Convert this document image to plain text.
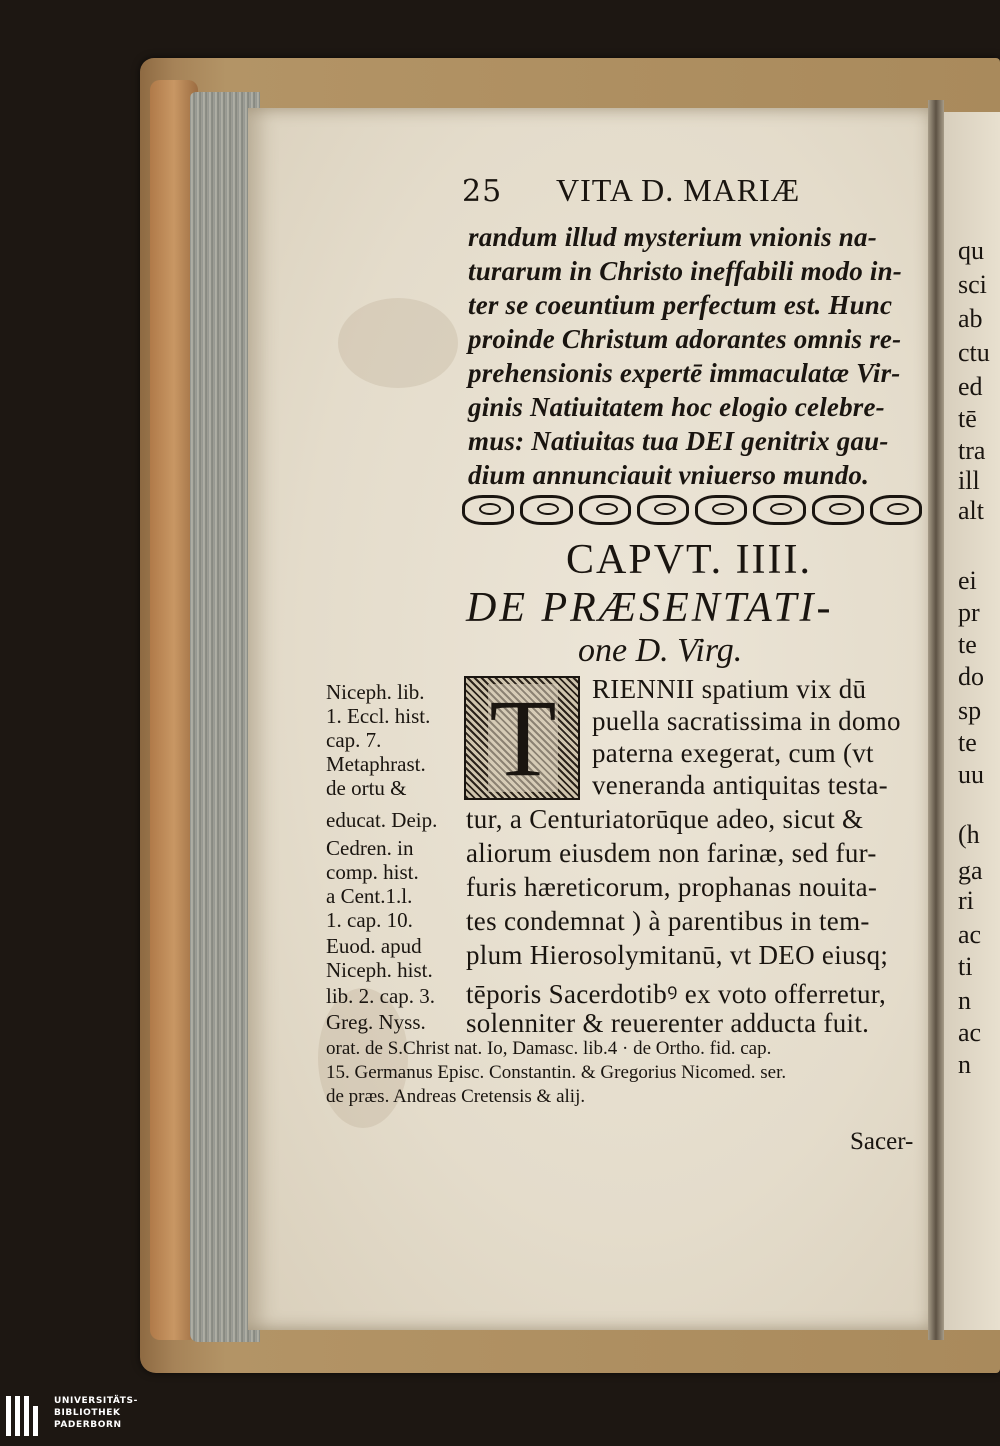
25 VITA D. MARIÆ
randum illud mysterium vnionis na-
turarum in Christo ineffabili modo in-
ter se coeuntium perfectum est. Hunc
proinde Christum adorantes omnis re-
prehensionis expertē immaculatæ Vir-
ginis Natiuitatem hoc elogio celebre-
mus: Natiuitas tua DEI genitrix gau-
dium annunciauit vniuerso mundo.
CAPVT. IIII.
DE PRÆSENTATI-
one D. Virg.
T RIENNII spatium vix dū
puella sacratissima in domo
paterna exegerat, cum (vt
veneranda antiquitas testa-
tur, a Centuriatorūque adeo, sicut &
aliorum eiusdem non farinæ, sed fur-
furis hæreticorum, prophanas nouita-
tes condemnat ) à parentibus in tem-
plum Hierosolymitanū, vt DEO eiusq;
tēporis Sacerdotibꝰ ex voto offerretur,
solenniter & reuerenter adducta fuit.
Niceph. lib.
1. Eccl. hist.
cap. 7.
Metaphrast.
de ortu &
educat. Deip.
Cedren. in
comp. hist.
a Cent.1.l.
1. cap. 10.
Euod. apud
Niceph. hist.
lib. 2. cap. 3.
Greg. Nyss.
orat. de S.Christ nat. Io, Damasc. lib.4 · de Ortho. fid. cap.
15. Germanus Episc. Constantin. & Gregorius Nicomed. ser.
de præs. Andreas Cretensis & alij.
Sacer-
qu
sci
ab
ctu
ed
tē
tra
ill
alt
ei
pr
te
do
sp
te
uu
(h
ga
ri
ac
ti
n
ac
n
UNIVERSITÄTS-
BIBLIOTHEK
PADERBORN
